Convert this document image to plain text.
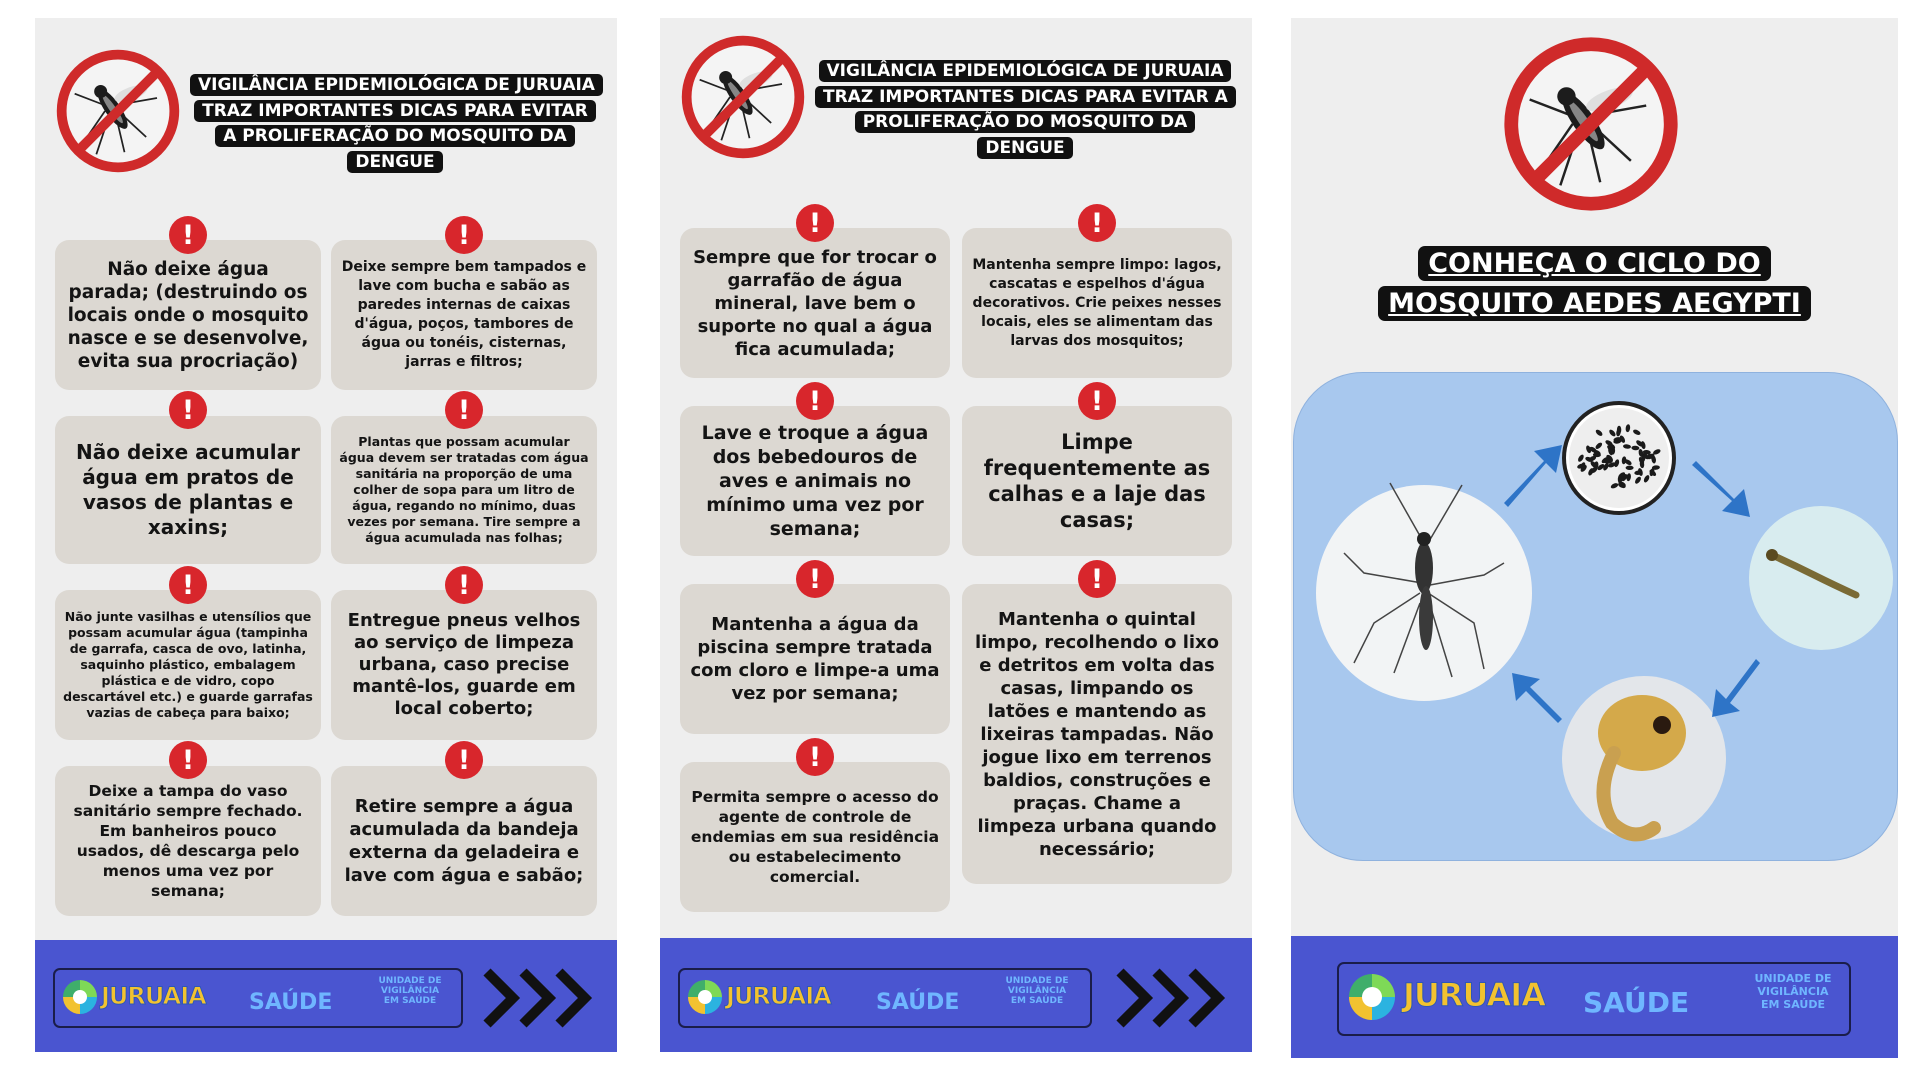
VIGILÂNCIA EPIDEMIOLÓGICA DE JURUAIA TRAZ IMPORTANTES DICAS PARA EVITAR A PROLIFERAÇÃO DO MOSQUITO DA DENGUE
Não deixe água parada; (destruindo os locais onde o mosquito nasce e se desenvolve, evita sua procriação)
Deixe sempre bem tampados e lave com bucha e sabão as paredes internas de caixas d'água, poços, tambores de água ou tonéis, cisternas, jarras e filtros;
Não deixe acumular água em pratos de vasos de plantas e xaxins;
Plantas que possam acumular água devem ser tratadas com água sanitária na proporção de uma colher de sopa para um litro de água, regando no mínimo, duas vezes por semana. Tire sempre a água acumulada nas folhas;
Não junte vasilhas e utensílios que possam acumular água (tampinha de garrafa, casca de ovo, latinha, saquinho plástico, embalagem plástica e de vidro, copo descartável etc.) e guarde garrafas vazias de cabeça para baixo;
Entregue pneus velhos ao serviço de limpeza urbana, caso precise mantê-los, guarde em local coberto;
Deixe a tampa do vaso sanitário sempre fechado. Em banheiros pouco usados, dê descarga pelo menos uma vez por semana;
Retire sempre a água acumulada da bandeja externa da geladeira e lave com água e sabão;
!	!
!	!
!	!
!	!
JURUAIA SAÚDE
UNIDADE DE VIGILÂNCIA EM SAÚDE
VIGILÂNCIA EPIDEMIOLÓGICA DE JURUAIA TRAZ IMPORTANTES DICAS PARA EVITAR A PROLIFERAÇÃO DO MOSQUITO DA DENGUE
Sempre que for trocar o garrafão de água mineral, lave bem o suporte no qual a água fica acumulada;
Mantenha sempre limpo: lagos, cascatas e espelhos d'água decorativos. Crie peixes nesses locais, eles se alimentam das larvas dos mosquitos;
Lave e troque a água dos bebedouros de aves e animais no mínimo uma vez por semana;
Limpe frequentemente as calhas e a laje das casas;
Mantenha a água da piscina sempre tratada com cloro e limpe-a uma vez por semana;
Mantenha o quintal limpo, recolhendo o lixo e detritos em volta das casas, limpando os latões e mantendo as lixeiras tampadas. Não jogue lixo em terrenos baldios, construções e praças. Chame a limpeza urbana quando necessário;
Permita sempre o acesso do agente de controle de endemias em sua residência ou estabelecimento comercial.
!	!
!	!
!	!
!
JURUAIA SAÚDE
UNIDADE DE VIGILÂNCIA EM SAÚDE
CONHEÇA O CICLO DO MOSQUITO AEDES AEGYPTI
JURUAIA SAÚDE
UNIDADE DE VIGILÂNCIA EM SAÚDE
